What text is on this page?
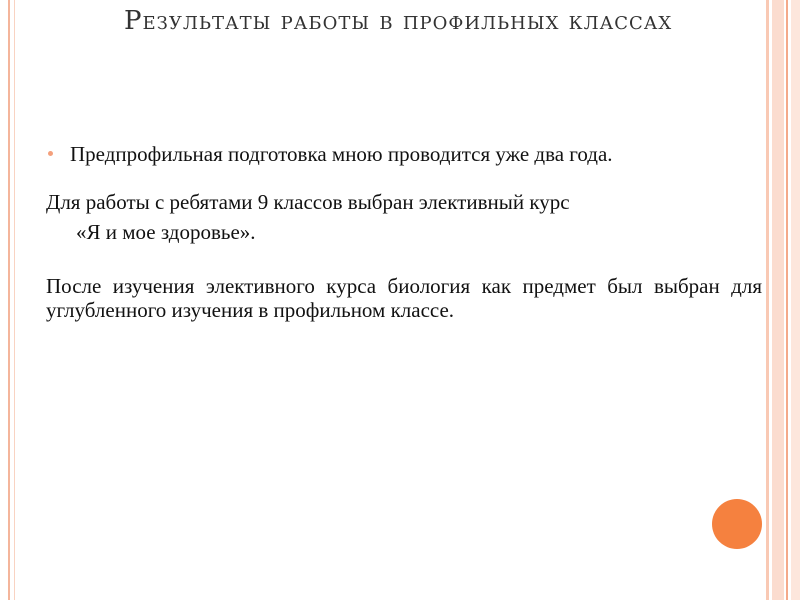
Результаты работы в профильных классах
Предпрофильная подготовка мною проводится уже два года.
Для работы с ребятами 9 классов выбран элективный курс
«Я и мое здоровье».
После изучения элективного курса биология как предмет был выбран для углубленного изучения в профильном классе.
